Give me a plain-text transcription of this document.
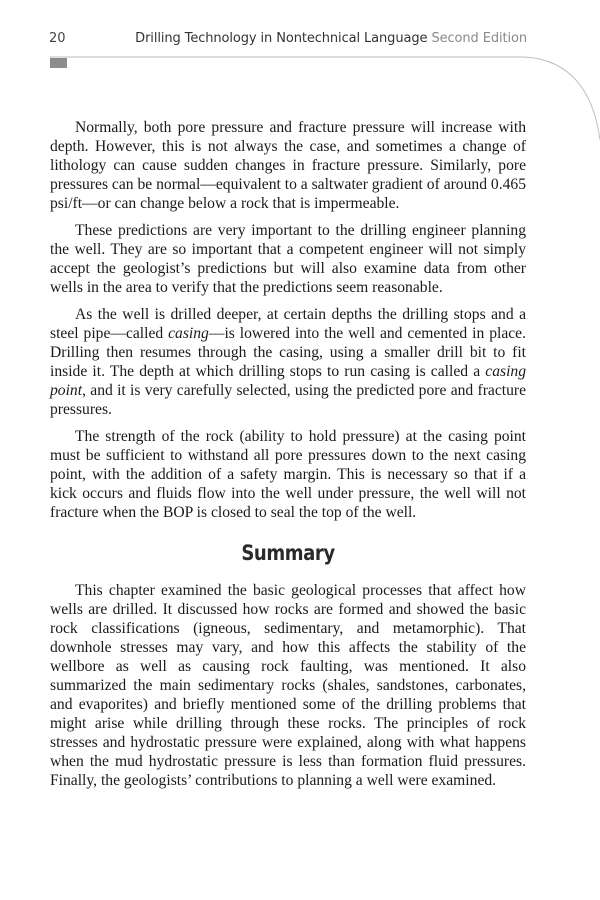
20	Drilling Technology in Nontechnical Language Second Edition

Normally, both pore pressure and fracture pressure will increase with depth. However, this is not always the case, and sometimes a change of lithology can cause sudden changes in fracture pressure. Similarly, pore pressures can be normal—equivalent to a saltwater gradient of around 0.465 psi/ft—or can change below a rock that is impermeable.

These predictions are very important to the drilling engineer planning the well. They are so important that a competent engineer will not simply accept the geologist’s predictions but will also examine data from other wells in the area to verify that the predictions seem reasonable.

As the well is drilled deeper, at certain depths the drilling stops and a steel pipe—called casing—is lowered into the well and cemented in place. Drilling then resumes through the casing, using a smaller drill bit to fit inside it. The depth at which drilling stops to run casing is called a casing point, and it is very carefully selected, using the predicted pore and fracture pressures.

The strength of the rock (ability to hold pressure) at the casing point must be sufficient to withstand all pore pressures down to the next casing point, with the addition of a safety margin. This is necessary so that if a kick occurs and fluids flow into the well under pressure, the well will not fracture when the BOP is closed to seal the top of the well.

Summary

This chapter examined the basic geological processes that affect how wells are drilled. It discussed how rocks are formed and showed the basic rock classifications (igneous, sedimentary, and metamorphic). That downhole stresses may vary, and how this affects the stability of the wellbore as well as causing rock faulting, was mentioned. It also summarized the main sedimentary rocks (shales, sandstones, carbonates, and evaporites) and briefly mentioned some of the drilling problems that might arise while drilling through these rocks. The principles of rock stresses and hydrostatic pressure were explained, along with what happens when the mud hydrostatic pressure is less than formation fluid pressures. Finally, the geologists’ contributions to planning a well were examined.
